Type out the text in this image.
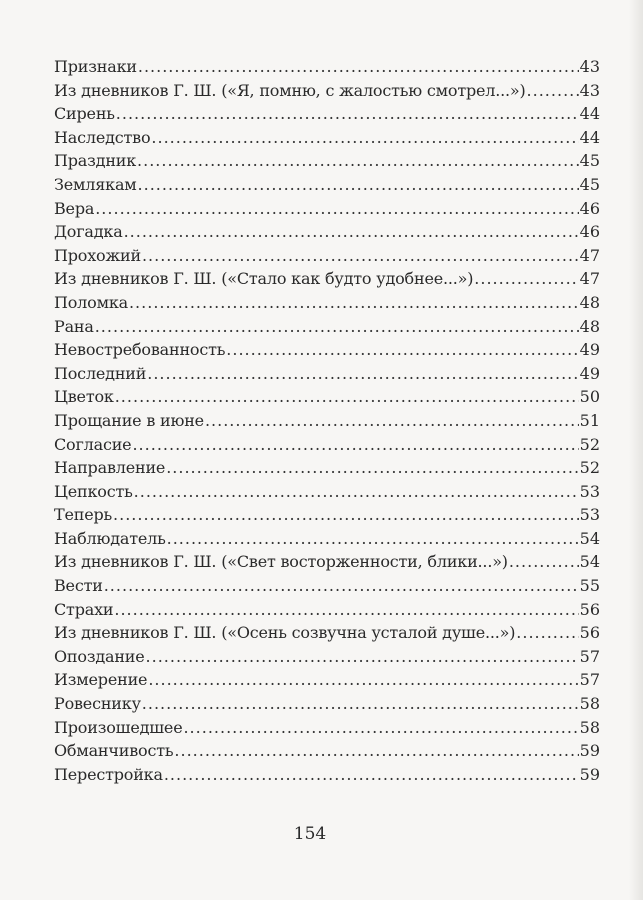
Признаки .....	43
Из дневников Г. Ш. («Я, помню, с жалостью смотрел...») .....	43
Сирень .....	44
Наследство .....	44
Праздник .....	45
Землякам .....	45
Вера .....	46
Догадка .....	46
Прохожий .....	47
Из дневников Г. Ш. («Стало как будто удобнее...») .....	47
Поломка .....	48
Рана .....	48
Невостребованность .....	49
Последний .....	49
Цветок .....	50
Прощание в июне .....	51
Согласие .....	52
Направление .....	52
Цепкость .....	53
Теперь .....	53
Наблюдатель .....	54
Из дневников Г. Ш. («Свет восторженности, блики...») .....	54
Вести .....	55
Страхи .....	56
Из дневников Г. Ш. («Осень созвучна усталой душе...») .....	56
Опоздание .....	57
Измерение .....	57
Ровеснику .....	58
Произошедшее .....	58
Обманчивость .....	59
Перестройка .....	59
154
